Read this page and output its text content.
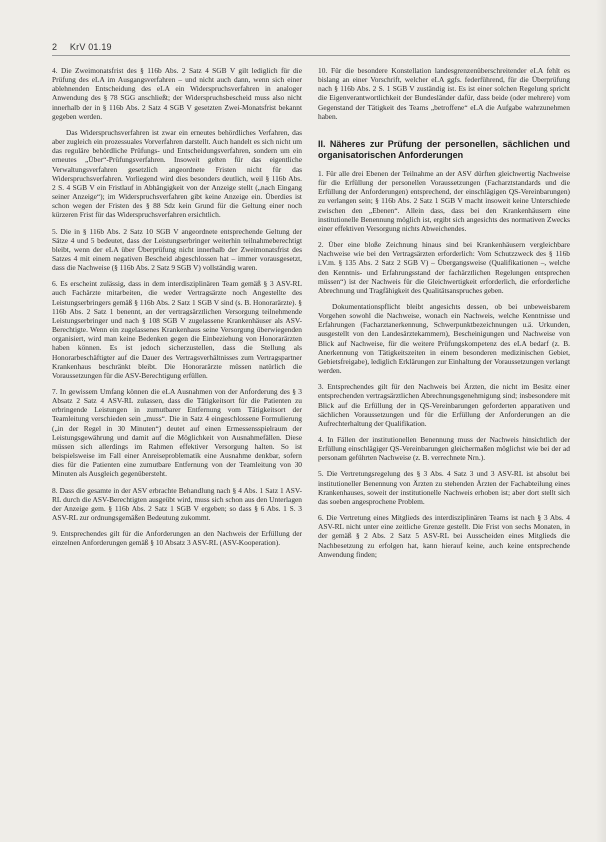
2 KrV 01.19

4. Die Zweimonatsfrist des § 116b Abs. 2 Satz 4 SGB V gilt lediglich für die Prüfung des eLA im Ausgangsverfahren – und nicht auch dann, wenn sich einer ablehnenden Entscheidung des eLA ein Widerspruchsverfahren in analoger Anwendung des § 78 SGG anschließt; der Widerspruchsbescheid muss also nicht innerhalb der in § 116b Abs. 2 Satz 4 SGB V gesetzten Zwei-Monatsfrist bekannt gegeben werden.

Das Widerspruchsverfahren ist zwar ein erneutes behördliches Verfahren, das aber zugleich ein prozessuales Vorverfahren darstellt. Auch handelt es sich nicht um das reguläre behördliche Prüfungs- und Entscheidungsverfahren, sondern um ein erneutes „Über“-Prüfungsverfahren. Insoweit gelten für das eigentliche Verwaltungsverfahren gesetzlich angeordnete Fristen nicht für das Widerspruchsverfahren. Vorliegend wird dies besonders deutlich, weil § 116b Abs. 2 S. 4 SGB V ein Fristlauf in Abhängigkeit von der Anzeige stellt („nach Eingang seiner Anzeige“); im Widerspruchsverfahren gibt keine Anzeige ein. Überdies ist schon wegen der Fristen des § 88 Sdz kein Grund für die Geltung einer noch kürzeren Frist für das Widerspruchsverfahren ersichtlich.

5. Die in § 116b Abs. 2 Satz 10 SGB V angeordnete entsprechende Geltung der Sätze 4 und 5 bedeutet, dass der Leistungserbringer weiterhin teilnahmeberechtigt bleibt, wenn der eLA über Überprüfung nicht innerhalb der Zweimonatsfrist des Satzes 4 mit einem negativen Bescheid abgeschlossen hat – immer vorausgesetzt, dass die Nachweise (§ 116b Abs. 2 Satz 9 SGB V) vollständig waren.

6. Es erscheint zulässig, dass in dem interdisziplinären Team gemäß § 3 ASV-RL auch Fachärzte mitarbeiten, die weder Vertragsärzte noch Angestellte des Leistungserbringers gemäß § 116b Abs. 2 Satz 1 SGB V sind (s. B. Honorarärzte). § 116b Abs. 2 Satz 1 benennt, an der vertragsärztlichen Versorgung teilnehmende Leistungserbringer und nach § 108 SGB V zugelassene Krankenhäuser als ASV-Berechtigte. Wenn ein zugelassenes Krankenhaus seine Versorgung überwiegenden organisiert, wird man keine Bedenken gegen die Einbeziehung von Honorarärzten haben können. Es ist jedoch sicherzustellen, dass die Stellung als Honorarbeschäftigter auf die Dauer des Vertragsverhältnisses zum Vertragspartner Krankenhaus beschränkt bleibt. Die Honorarärzte müssen natürlich die Voraussetzungen für die ASV-Berechtigung erfüllen.

7. In gewissem Umfang können die eLA Ausnahmen von der Anforderung des § 3 Absatz 2 Satz 4 ASV-RL zulassen, dass die Tätigkeitsort für die Patienten zu erbringende Leistungen in zumutbarer Entfernung vom Tätigkeitsort der Teamleitung verschieden sein „muss“. Die in Satz 4 eingeschlossene Formulierung („in der Regel in 30 Minuten“) deutet auf einen Ermessensspielraum der Leistungsgewährung und damit auf die Möglichkeit von Ausnahmefällen. Diese müssen sich allerdings im Rahmen effektiver Versorgung halten. So ist beispielsweise im Fall einer Anreiseproblematik eine Ausnahme denkbar, sofern dies für die Patienten eine zumutbare Entfernung von der Teamleitung von 30 Minuten als Ausgleich gegenübersteht.

8. Dass die gesamte in der ASV erbrachte Behandlung nach § 4 Abs. 1 Satz 1 ASV-RL durch die ASV-Berechtigten ausgeübt wird, muss sich schon aus den Unterlagen der Anzeige gem. § 116b Abs. 2 Satz 1 SGB V ergeben; so dass § 6 Abs. 1 S. 3 ASV-RL zur ordnungsgemäßen Bedeutung zukommt.

9. Entsprechendes gilt für die Anforderungen an den Nachweis der Erfüllung der einzelnen Anforderungen gemäß § 10 Absatz 3 ASV-RL (ASV-Kooperation).

10. Für die besondere Konstellation landesgrenzenüberschreitender eLA fehlt es bislang an einer Vorschrift, welcher eLA ggfs. federführend, für die Überprüfung nach § 116b Abs. 2 S. 1 SGB V zuständig ist. Es ist einer solchen Regelung spricht die Eigenverantwortlichkeit der Bundesländer dafür, dass beide (oder mehrere) vom Gegenstand der Tätigkeit des Teams „betroffene“ eLA die Aufgabe wahrzunehmen haben.

II. Näheres zur Prüfung der personellen, sächlichen und organisatorischen Anforderungen

1. Für alle drei Ebenen der Teilnahme an der ASV dürften gleichwertig Nachweise für die Erfüllung der personellen Voraussetzungen (Facharztstandards und die Erfüllung der Anforderungen) entsprechend, der einschlägigen QS-Vereinbarungen) zu verlangen sein; § 116b Abs. 2 Satz 1 SGB V macht insoweit keine Unterschiede zwischen den „Ebenen“. Allein dass, dass bei den Krankenhäusern eine institutionelle Benennung möglich ist, ergibt sich angesichts des normativen Zwecks einer effektiven Versorgung nichts Abweichendes.

2. Über eine bloße Zeichnung hinaus sind bei Krankenhäusern vergleichbare Nachweise wie bei den Vertragsärzten erforderlich: Vom Schutzzweck des § 116b i.V.m. § 135 Abs. 2 Satz 2 SGB V) – Übergangsweise (Qualifikationen –, welche den Kenntnis- und Erfahrungsstand der fachärztlichen Regelungen entsprechen müssen“) ist der Nachweis für die Gleichwertigkeit erforderlich, die erforderliche Abrechnung und Tragfähigkeit des Qualitätsanspruches geben.

Dokumentationspflicht bleibt angesichts dessen, ob bei unbeweisbarem Vorgehen sowohl die Nachweise, wonach ein Nachweis, welche Kenntnisse und Erfahrungen (Facharztanerkennung, Schwerpunktbezeichnungen u.ä. Urkunden, ausgestellt von den Landesärztekammern), Bescheinigungen und Nachweise von Blick auf Nachweise, für die weitere Prüfungskompetenz des eLA bedarf (z. B. Anerkennung von Tätigkeitszeiten in einem besonderen medizinischen Gebiet, Gebietsfreigabe), lediglich Erklärungen zur Einhaltung der Voraussetzungen verlangt werden.

3. Entsprechendes gilt für den Nachweis bei Ärzten, die nicht im Besitz einer entsprechenden vertragsärztlichen Abrechnungsgenehmigung sind; insbesondere mit Blick auf die Erfüllung der in QS-Vereinbarungen geforderten apparativen und sächlichen Voraussetzungen und für die Erfüllung der Anforderungen an die Aufrechterhaltung der Qualifikation.

4. In Fällen der institutionellen Benennung muss der Nachweis hinsichtlich der Erfüllung einschlägiger QS-Vereinbarungen gleichermaßen möglichst wie bei der ad personam geführten Nachweise (z. B. verrechnete Nrn.).

5. Die Vertretungsregelung des § 3 Abs. 4 Satz 3 und 3 ASV-RL ist absolut bei institutioneller Benennung von Ärzten zu stehenden Ärzten der Fachabteilung eines Krankenhauses, soweit der institutionelle Nachweis erhoben ist; aber dort stellt sich das soeben angesprochene Problem.

6. Die Vertretung eines Mitglieds des interdisziplinären Teams ist nach § 3 Abs. 4 ASV-RL nicht unter eine zeitliche Grenze gestellt. Die Frist von sechs Monaten, in der gemäß § 2 Abs. 2 Satz 5 ASV-RL bei Ausscheiden eines Mitglieds die Nachbesetzung zu erfolgen hat, kann hierauf keine, auch keine entsprechende Anwendung finden;
